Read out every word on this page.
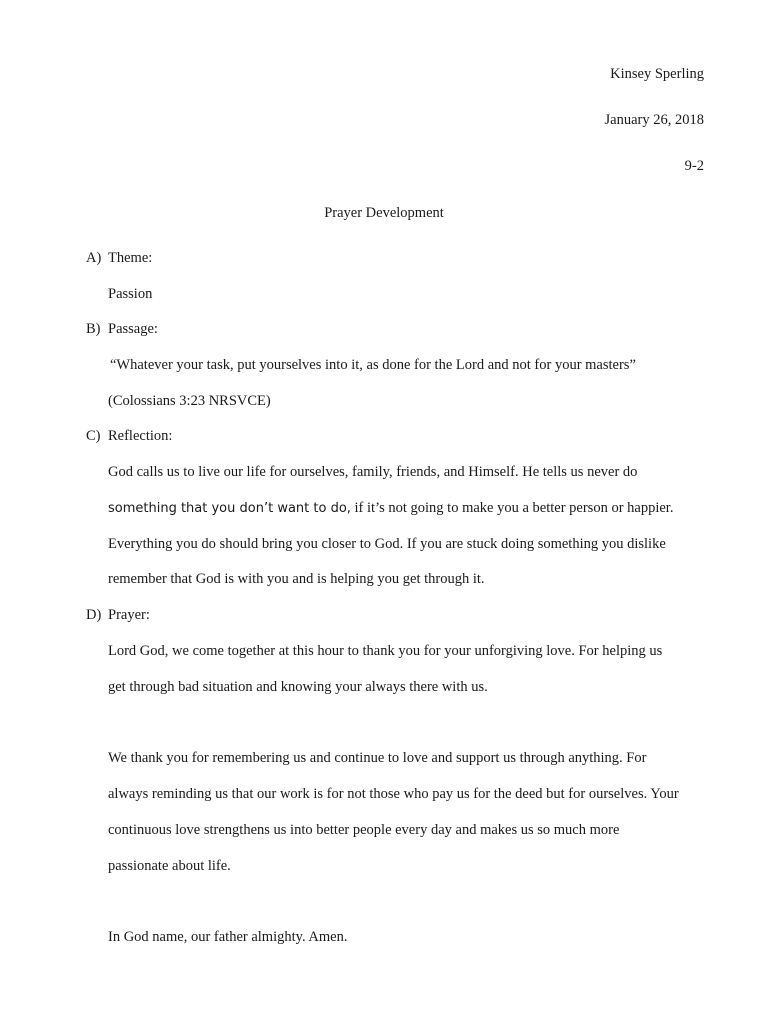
Kinsey Sperling
January 26, 2018
9-2
Prayer Development
A) Theme:
Passion
B) Passage:
“Whatever your task, put yourselves into it, as done for the Lord and not for your masters”
(Colossians 3:23 NRSVCE)
C) Reflection:
God calls us to live our life for ourselves, family, friends, and Himself. He tells us never do
something that you don’t want to do, if it’s not going to make you a better person or happier.
Everything you do should bring you closer to God. If you are stuck doing something you dislike
remember that God is with you and is helping you get through it.
D) Prayer:
Lord God, we come together at this hour to thank you for your unforgiving love. For helping us
get through bad situation and knowing your always there with us.
We thank you for remembering us and continue to love and support us through anything. For
always reminding us that our work is for not those who pay us for the deed but for ourselves. Your
continuous love strengthens us into better people every day and makes us so much more
passionate about life.
In God name, our father almighty. Amen.
